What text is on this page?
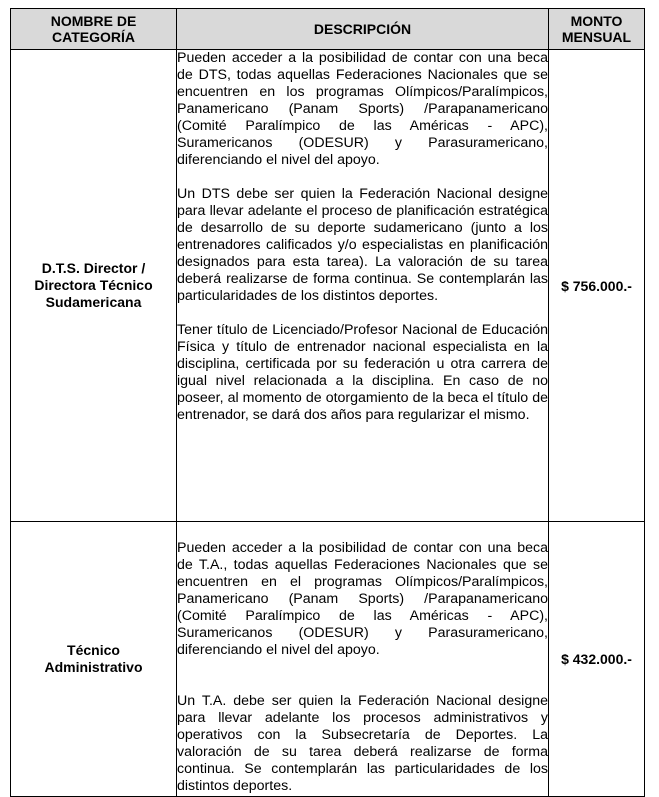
NOMBRE DE CATEGORÍA	DESCRIPCIÓN	MONTO MENSUAL

D.T.S. Director / Directora Técnico Sudamericana	Pueden acceder a la posibilidad de contar con una beca de DTS, todas aquellas Federaciones Nacionales que se encuentren en los programas Olímpicos/Paralímpicos, Panamericano (Panam Sports) /Parapanamericano (Comité Paralímpico de las Américas - APC), Suramericanos (ODESUR) y Parasuramericano, diferenciando el nivel del apoyo.

Un DTS debe ser quien la Federación Nacional designe para llevar adelante el proceso de planificación estratégica de desarrollo de su deporte sudamericano (junto a los entrenadores calificados y/o especialistas en planificación designados para esta tarea). La valoración de su tarea deberá realizarse de forma continua. Se contemplarán las particularidades de los distintos deportes.

Tener título de Licenciado/Profesor Nacional de Educación Física y título de entrenador nacional especialista en la disciplina, certificada por su federación u otra carrera de igual nivel relacionada a la disciplina. En caso de no poseer, al momento de otorgamiento de la beca el título de entrenador, se dará dos años para regularizar el mismo.	$ 756.000.-

Técnico Administrativo	Pueden acceder a la posibilidad de contar con una beca de T.A., todas aquellas Federaciones Nacionales que se encuentren en el programas Olímpicos/Paralímpicos, Panamericano (Panam Sports) /Parapanamericano (Comité Paralímpico de las Américas - APC), Suramericanos (ODESUR) y Parasuramericano, diferenciando el nivel del apoyo.

Un T.A. debe ser quien la Federación Nacional designe para llevar adelante los procesos administrativos y operativos con la Subsecretaría de Deportes. La valoración de su tarea deberá realizarse de forma continua. Se contemplarán las particularidades de los distintos deportes.	$ 432.000.-
